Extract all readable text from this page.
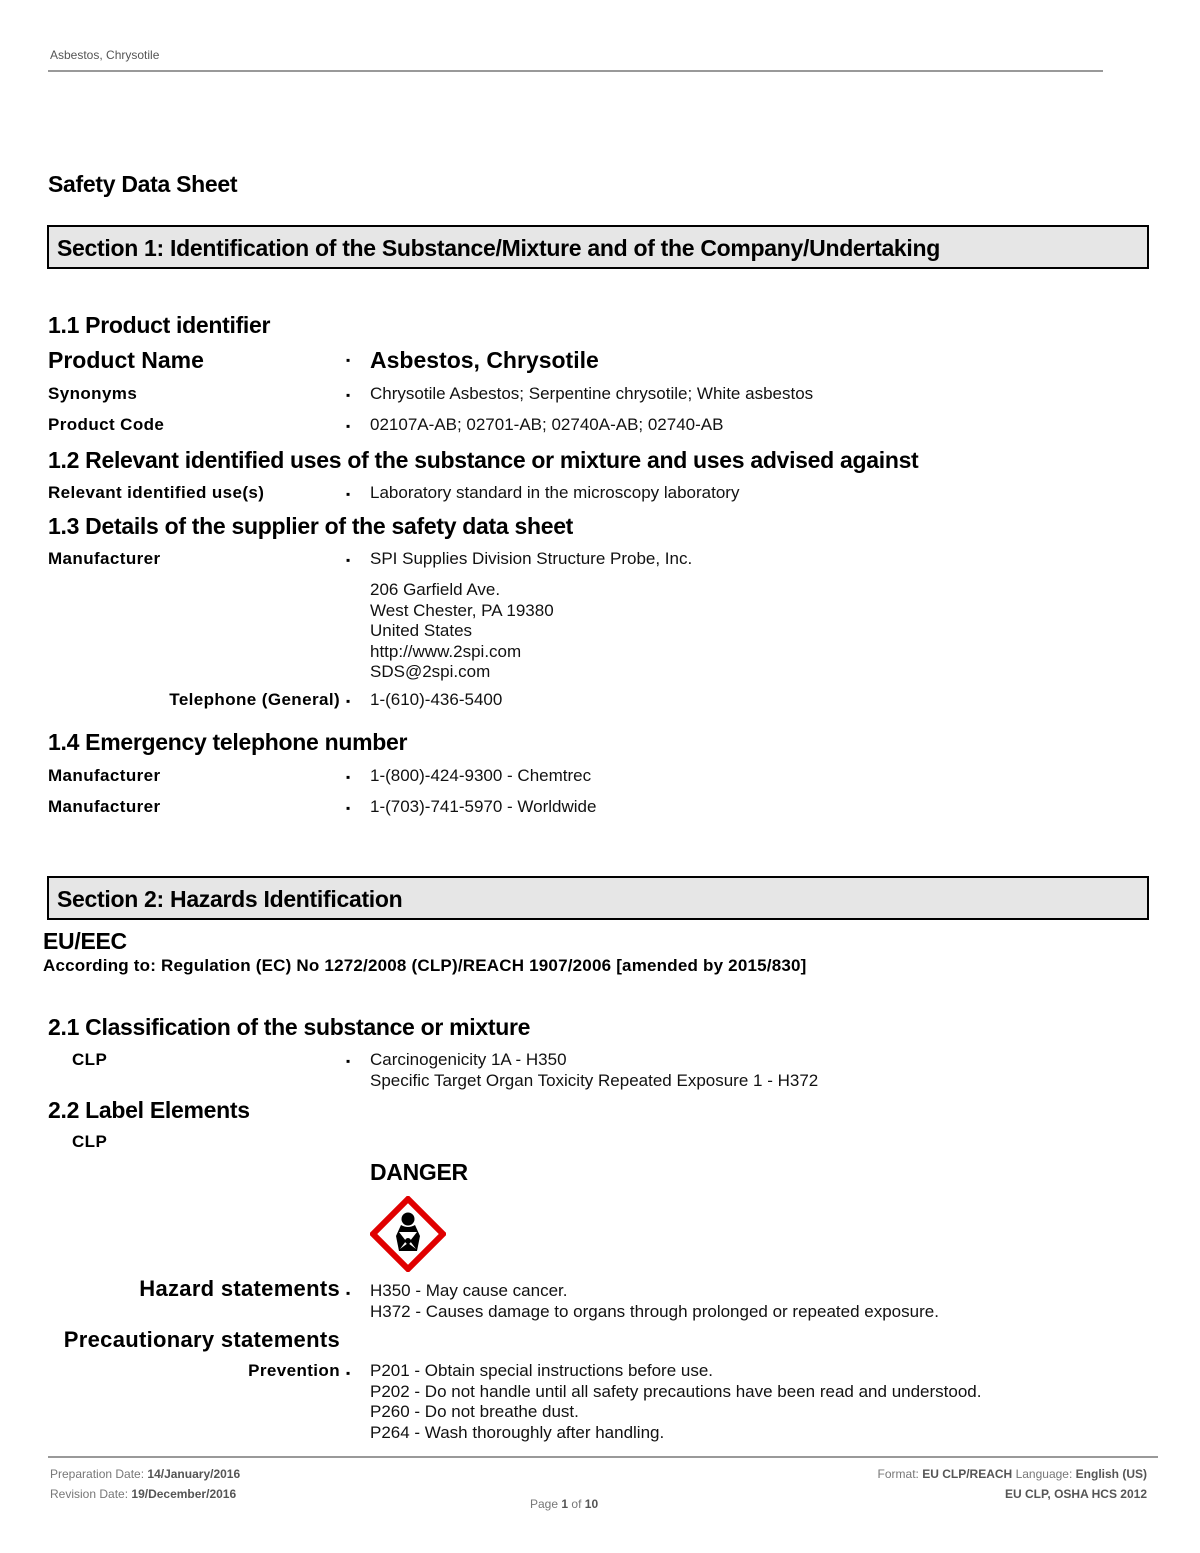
Asbestos, Chrysotile
Safety Data Sheet
Section 1: Identification of the Substance/Mixture and of the Company/Undertaking
1.1 Product identifier
Product Name	▪ Asbestos, Chrysotile
Synonyms	▪ Chrysotile Asbestos; Serpentine chrysotile; White asbestos
Product Code	▪ 02107A-AB; 02701-AB; 02740A-AB; 02740-AB
1.2 Relevant identified uses of the substance or mixture and uses advised against
Relevant identified use(s)	▪ Laboratory standard in the microscopy laboratory
1.3 Details of the supplier of the safety data sheet
Manufacturer	▪ SPI Supplies Division Structure Probe, Inc.
206 Garfield Ave.
West Chester, PA 19380
United States
http://www.2spi.com
SDS@2spi.com
Telephone (General) ▪ 1-(610)-436-5400
1.4 Emergency telephone number
Manufacturer	▪ 1-(800)-424-9300 - Chemtrec
Manufacturer	▪ 1-(703)-741-5970 - Worldwide
Section 2: Hazards Identification
EU/EEC
According to: Regulation (EC) No 1272/2008 (CLP)/REACH 1907/2006 [amended by 2015/830]
2.1 Classification of the substance or mixture
CLP	▪ Carcinogenicity 1A - H350
Specific Target Organ Toxicity Repeated Exposure 1 - H372
2.2 Label Elements
CLP
DANGER
Hazard statements ▪ H350 - May cause cancer.
H372 - Causes damage to organs through prolonged or repeated exposure.
Precautionary statements
Prevention ▪ P201 - Obtain special instructions before use.
P202 - Do not handle until all safety precautions have been read and understood.
P260 - Do not breathe dust.
P264 - Wash thoroughly after handling.
Preparation Date: 14/January/2016
Revision Date: 19/December/2016
Page 1 of 10
Format: EU CLP/REACH Language: English (US)
EU CLP, OSHA HCS 2012
